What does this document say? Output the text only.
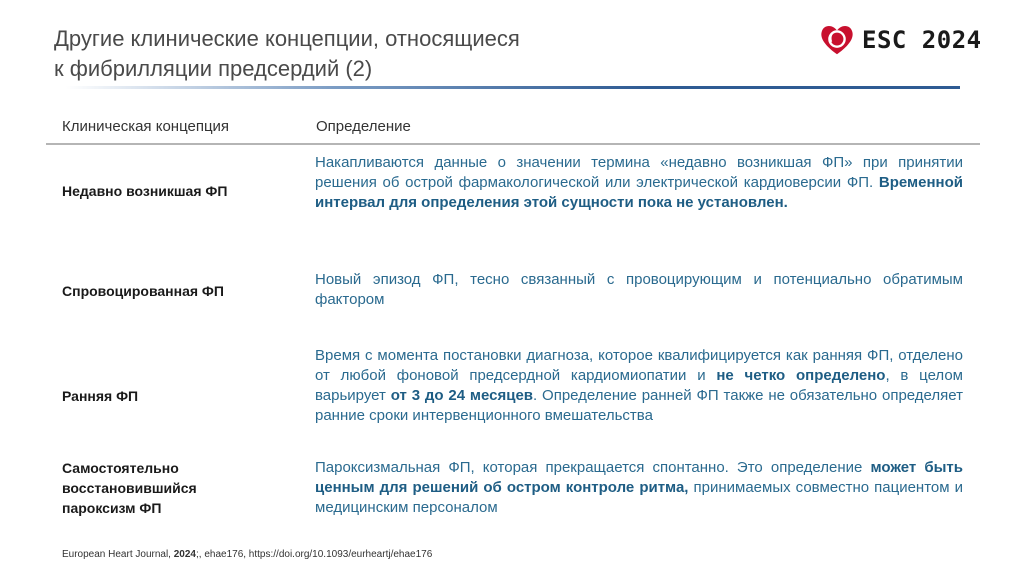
Другие клинические концепции, относящиеся
к фибрилляции предсердий (2)
ESC 2024
Клиническая концепция	Определение
Недавно возникшая ФП
Накапливаются данные о значении термина «недавно возникшая ФП» при принятии решения об острой фармакологической или электрической кардиоверсии ФП. Временной интервал для определения этой сущности пока не установлен.
Спровоцированная ФП
Новый эпизод ФП, тесно связанный с провоцирующим и потенциально обратимым фактором
Ранняя ФП
Время с момента постановки диагноза, которое квалифицируется как ранняя ФП, отделено от любой фоновой предсердной кардиомиопатии и не четко определено, в целом варьирует от 3 до 24 месяцев. Определение ранней ФП также не обязательно определяет ранние сроки интервенционного вмешательства
Самостоятельно
восстановившийся
пароксизм ФП
Пароксизмальная ФП, которая прекращается спонтанно. Это определение может быть ценным для решений об остром контроле ритма, принимаемых совместно пациентом и медицинским персоналом
European Heart Journal, 2024;, ehae176, https://doi.org/10.1093/eurheartj/ehae176
